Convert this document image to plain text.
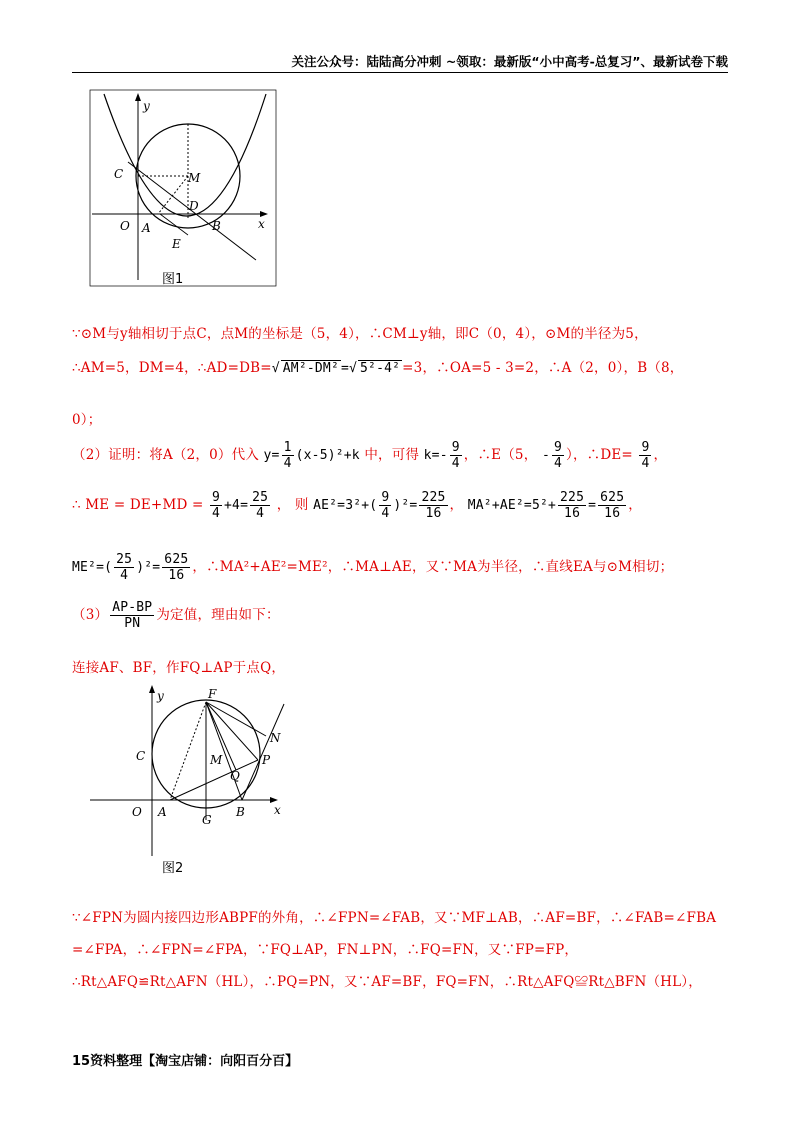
关注公众号：陆陆高分冲刺 ~领取：最新版“小中高考-总复习”、最新试卷下载
y
x
O
C	M
D
A	B
E
图1
∵⊙M与y轴相切于点C，点M的坐标是（5，4），∴CM⊥y轴，即C（0，4），⊙M的半径为5，
∴AM=5，DM=4，∴AD=DB=√ AM²-DM² =√ 5²-4² =3，∴OA=5 - 3=2，∴A（2，0），B（8，
0）；
（2）证明：将A（2，0）代入 $y= \frac{1}{4} (x-5)^2+k$ 中，可得 $k=- \frac{9}{4}$ ，∴E（5， - $\frac{9}{4}$ ），∴DE= $\frac{9}{4}$ ，
∴ ME = $DE+MD = \frac{9}{4} +4= \frac{25}{4}$ ， 则 $AE^2=3^2+( \frac{9}{4} )^2= \frac{225}{16}$ ， $MA^2+AE^2=5^2+ \frac{225}{16} = \frac{625}{16}$ ，
$ME^2=( \frac{25}{4} )^2= \frac{625}{16}$ ，∴MA²+AE²=ME²，∴MA⊥AE，又∵MA为半径，∴直线EA与⊙M相切；
$(3) \frac{AP-BP}{PN}$ 为定值，理由如下：
连接AF、BF，作FQ⊥AP于点Q，
y
x
O
C	M
F
N
P
Q
A
G
B
图2
∵∠FPN为圆内接四边形ABPF的外角，∴∠FPN=∠FAB，又∵MF⊥AB，∴AF=BF，∴∠FAB=∠FBA
=∠FPA，∴∠FPN=∠FPA，∵FQ⊥AP，FN⊥PN，∴FQ=FN，又∵FP=FP，
∴Rt△AFQ≌Rt△AFN（HL），∴PQ=PN，又∵AF=BF，FQ=FN，∴Rt△AFQ≌Rt△BFN（HL），
15资料整理【淘宝店铺：向阳百分百】
